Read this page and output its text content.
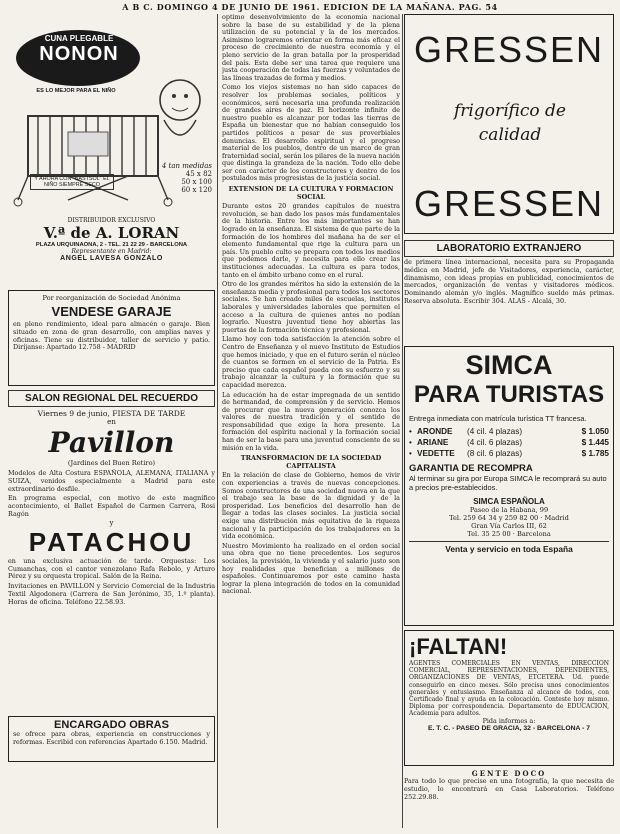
A B C. DOMINGO 4 DE JUNIO DE 1961. EDICION DE LA MAÑANA. PAG. 54
CUNA PLEGABLE
NONON
ES LO MEJOR PARA EL NIÑO
Y AHORA CON "BASTSOL" EL NIÑO SIEMPRE SECO
4 tan medidas
45 x 82
50 x 100
60 x 120
DISTRIBUIDOR EXCLUSIVO
V.ª de A. LORAN
PLAZA URQUINAONA, 2 - TEL. 21 22 29 - BARCELONA
Representante en Madrid:
ANGEL LAVESA GONZALO
Por reorganización de Sociedad Anónima
VENDESE GARAJE
en pleno rendimiento, ideal para almacén o garaje. Bien situado en zona de gran desarrollo, con amplias naves y oficinas. Tiene su distribuidor, taller de servicio y patio. Diríjanse: Apartado 12.758 - MADRID
SALON REGIONAL DEL RECUERDO
Viernes 9 de junio, FIESTA DE TARDE
en
Pavillon
(Jardines del Buen Retiro)
Modelos de Alta Costura ESPAÑOLA, ALEMANA, ITALIANA y SUIZA, venidos especialmente a Madrid para este extraordinario desfile.
En programa especial, con motivo de este magnífico acontecimiento, el Ballet Español de Carmen Carrera, Rosi Ragón
y
PATACHOU
en una exclusiva actuación de tarde. Orquestas: Los Cumanchas, con el cantor venezolano Rafa Rebolo, y Arturo Pérez y su orquesta tropical. Salón de la Reina.
Invitaciones en PAVILLON y Servicio Comercial de la Industria Textil Algodonera (Carrera de San Jerónimo, 35, 1.º planta). Horas de oficina. Teléfono 22.58.93.
ENCARGADO OBRAS
se ofrece para obras, experiencia en construcciones y reformas. Escribid con referencias Apartado 6.150. Madrid.

optimo desenvolvimiento de la economía nacional sobre la base de su estabilidad y de la plena utilización de su potencial y la de los mercados. Asimismo lograremos orientar en forma más eficaz el proceso de crecimiento de nuestra economía y el pleno servicio de la gran batalla por la prosperidad del país. Esta debe ser una tarea que requiere una justa cooperación de todas las fuerzas y voluntades de las líneas trazadas de forma y medios.

Como los viejos sistemas no han sido capaces de resolver los problemas sociales, políticos y económicos, será necesaria una profunda realización de grandes aires de paz. El horizonte infinito de nuestro pueblo es alcanzar por todas las tierras de España un bienestar que no habían conseguido los partidos políticos a pesar de sus proverbiales denuncias. El desarrollo espiritual y el progreso material de los pueblos, dentro de un marco de gran fraternidad social, serán los pilares de la nueva nación que distinga la grandeza de la nación. Todo ello debe ser con carácter de los constructores y dentro de los postulados más progresistas de la justicia social.

EXTENSION DE LA CULTURA Y FORMACION SOCIAL

Durante estos 20 grandes capítulos de nuestra revolución, se han dado los pasos más fundamentales de la historia. Entre los más importantes se han logrado en la enseñanza. El sistema de que parte de la formación de los hombres del mañana ha de ser el elemento fundamental que rige la cultura para un país. Un pueblo culto se prepara con todos los medios que podemos darle, y necesita para ello crear las instituciones adecuadas. La cultura es para todos, tanto en el ámbito urbano como en el rural.

Otro de los grandes méritos ha sido la extensión de la enseñanza media y profesional para todos los sectores sociales. Se han creado miles de escuelas, institutos laborales y universidades laborales que permiten el acceso a la cultura de quienes antes no podían lograrlo. Nuestra juventud tiene hoy abiertas las puertas de la formación técnica y profesional.

Llamo hoy con toda satisfacción la atención sobre el Centro de Enseñanza y el nuevo Instituto de Estudios que hemos iniciado, y que en el futuro serán el núcleo de cuantos se formen en el servicio de la Patria. Es preciso que cada español pueda con su esfuerzo y su trabajo alcanzar la cultura y la formación que su capacidad merezca.

La educación ha de estar impregnada de un sentido de hermandad, de comprensión y de servicio. Hemos de procurar que la nueva generación conozca los valores de nuestra tradición y el sentido de responsabilidad que exige la hora presente. La formación del espíritu nacional y la formación social han de ser la base para una juventud consciente de su misión en la vida.

TRANSFORMACION DE LA SOCIEDAD CAPITALISTA

En la relación de clase de Gobierno, hemos de vivir con experiencias a través de nuevas concepciones. Somos constructores de una sociedad nueva en la que el trabajo sea la base de la dignidad y de la prosperidad. Los beneficios del desarrollo han de llegar a todas las clases sociales. La justicia social exige una distribución más equitativa de la riqueza nacional y la participación de los trabajadores en la vida económica.

Nuestro Movimiento ha realizado en el orden social una obra que no tiene precedentes. Los seguros sociales, la previsión, la vivienda y el salario justo son hoy realidades que benefician a millones de españoles. Continuaremos por este camino hasta lograr la plena integración de todos en la comunidad nacional.

GRESSEN
frigorífico de calidad
GRESSEN
LABORATORIO EXTRANJERO
de primera línea internacional, necesita para su Propaganda médica en Madrid, jefe de Visitadores, experiencia, carácter, dinamismo, con ideas propias en publicidad, conocimientos de mercados, organización de ventas y visitadores médicos. Dominando alemán y/o inglés. Magnífico sueldo más primas. Reserva absoluta. Escribir 304. ALAS - Alcalá, 30.
SIMCA
PARA TURISTAS
Entrega inmediata con matrícula turística TT francesa.
• ARONDE	(4 cil. 4 plazas)	$ 1.050
• ARIANE	(4 cil. 6 plazas)	$ 1.445
• VEDETTE	(8 cil. 6 plazas)	$ 1.785
GARANTIA DE RECOMPRA
Al terminar su gira por Europa SIMCA le recomprará su auto a precios pre-establecidos.
SIMCA ESPAÑOLA
Paseo de la Habana, 99
Tel. 259 64 34 y 259 82 00 · Madrid
Gran Vía Carlos III, 62
Tel. 35 25 00 · Barcelona
Venta y servicio en toda España
¡FALTAN!
AGENTES COMERCIALES EN VENTAS, DIRECCION COMERCIAL, REPRESENTACIONES, DEPENDIENTES, ORGANIZACIONES DE VENTAS, ETCETERA. Ud. puede conseguirlo en cinco meses. Sólo precisa unos conocimientos generales y entusiasmo. Enseñanza al alcance de todos, con Certificado final y ayuda en la colocación. Conteste hoy mismo. Diploma por correspondencia. Departamento de EDUCACION, Academia para adultos.
Pida informes a:
E. T. C. - PASEO DE GRACIA, 32 - BARCELONA - 7
GENTE DOCO
Para todo lo que precise en una fotografía, la que necesita de estudio, lo encontrará en Casa Laboratorios. Teléfono 252.29.88.
